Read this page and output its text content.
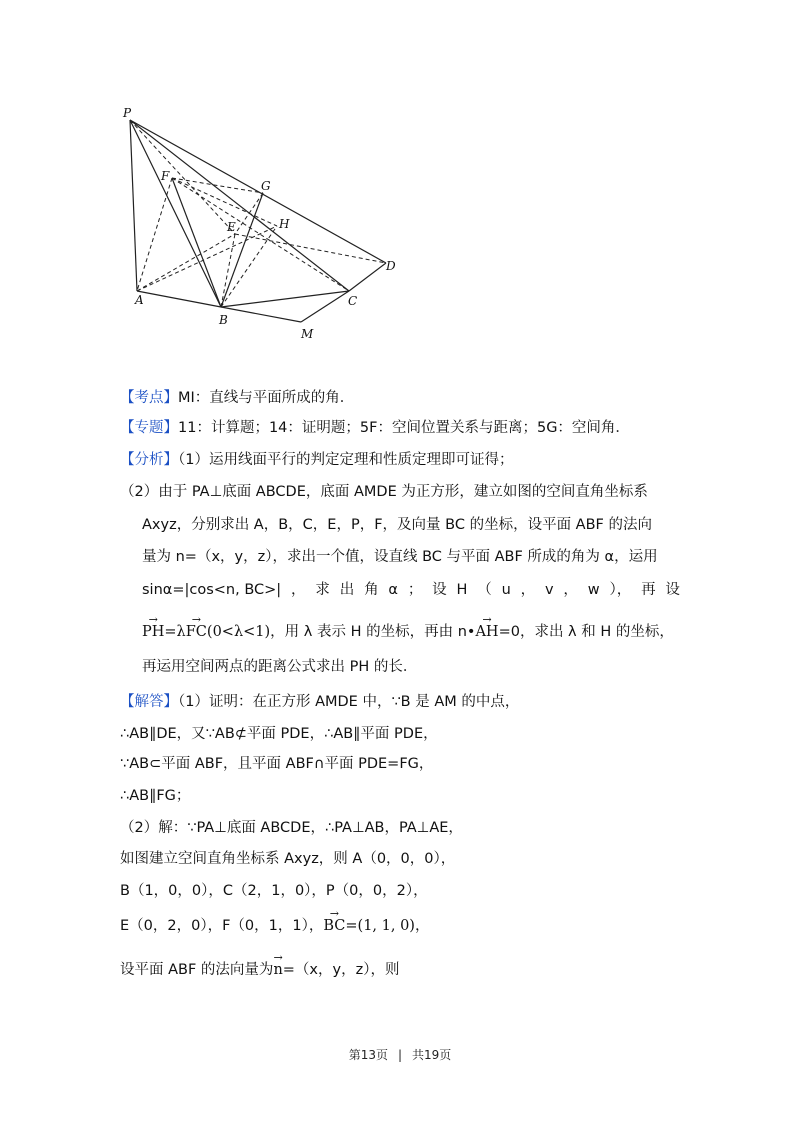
P
F
G
H
E
D
A
B
C
M
【考点】MI：直线与平面所成的角．
【专题】11：计算题；14：证明题；5F：空间位置关系与距离；5G：空间角．
【分析】（1）运用线面平行的判定定理和性质定理即可证得；
（2）由于 PA⊥底面 ABCDE，底面 AMDE 为正方形，建立如图的空间直角坐标系
Axyz，分别求出 A，B，C，E，P，F，及向量 BC 的坐标，设平面 ABF 的法向
量为 n=（x，y，z），求出一个值，设直线 BC 与平面 ABF 所成的角为 α，运用
sinα=|cos<n, BC>| ， 求 出 角 α ； 设 H （ u ， v ， w ）， 再 设
→ PH=λ→ FC(0<λ<1)，用 λ 表示 H 的坐标，再由 n•→ AH=0，求出 λ 和 H 的坐标，
再运用空间两点的距离公式求出 PH 的长．
【解答】（1）证明：在正方形 AMDE 中，∵B 是 AM 的中点，
∴AB∥DE，又∵AB⊄平面 PDE，∴AB∥平面 PDE，
∵AB⊂平面 ABF，且平面 ABF∩平面 PDE=FG，
∴AB∥FG；
（2）解：∵PA⊥底面 ABCDE，∴PA⊥AB，PA⊥AE，
如图建立空间直角坐标系 Axyz，则 A（0，0，0），
B（1，0，0），C（2，1，0），P（0，0，2），
E（0，2，0），F（0，1，1），→ BC=(1, 1, 0)，
设平面 ABF 的法向量为→ n=（x，y，z），则
第13页 | 共19页
